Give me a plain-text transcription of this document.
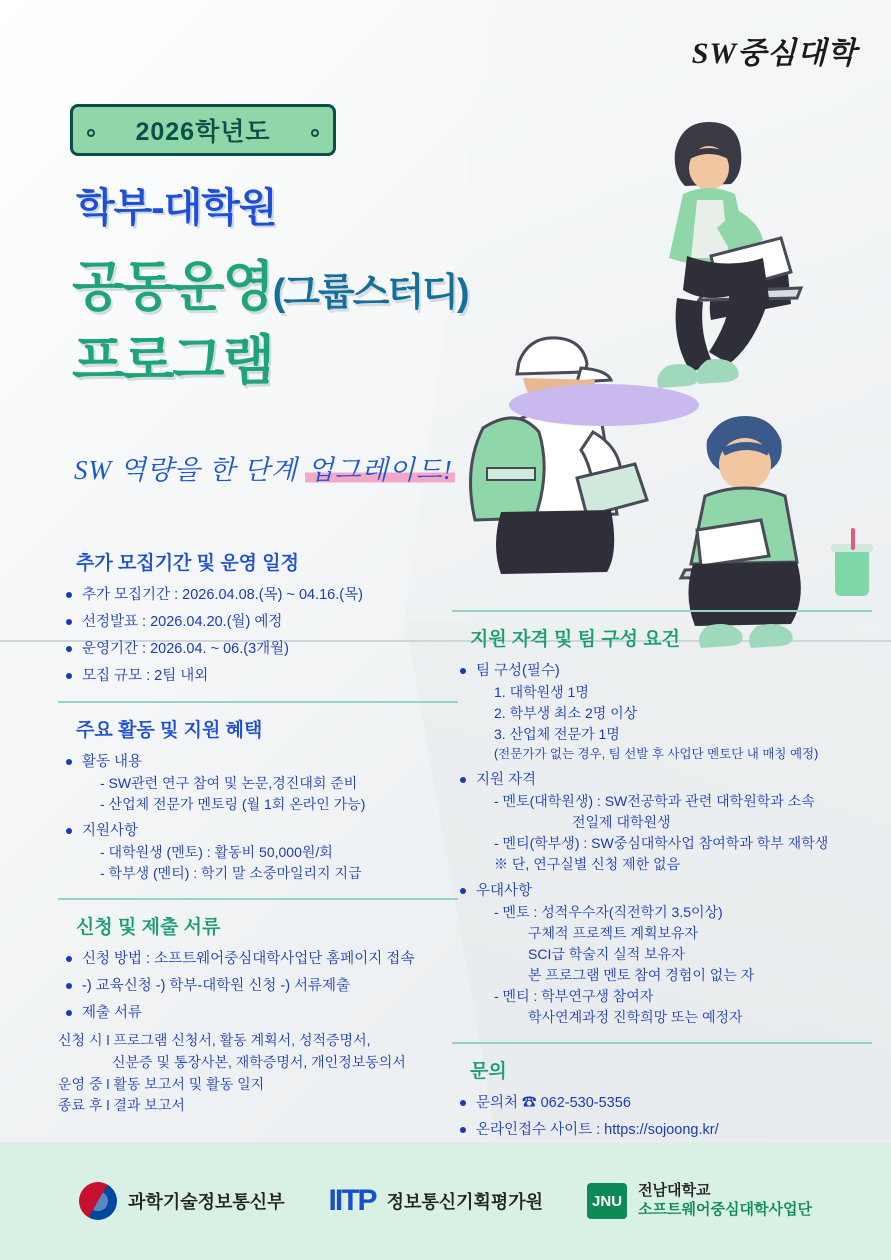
SW중심대학
2026학년도
학부-대학원
공동운영(그룹스터디)
프로그램
SW 역량을 한 단계 업그레이드!
추가 모집기간 및 운영 일정
추가 모집기간 : 2026.04.08.(목) ~ 04.16.(목)
선정발표 : 2026.04.20.(월) 예정
운영기간 : 2026.04. ~ 06.(3개월)
모집 규모 : 2팀 내외
주요 활동 및 지원 혜택
활동 내용
- SW관련 연구 참여 및 논문,경진대회 준비
- 산업체 전문가 멘토링 (월 1회 온라인 가능)
지원사항
- 대학원생 (멘토) : 활동비 50,000원/회
- 학부생 (멘티) : 학기 말 소중마일리지 지급
신청 및 제출 서류
신청 방법 : 소프트웨어중심대학사업단 홈페이지 접속
-) 교육신청 -) 학부-대학원 신청 -) 서류제출
제출 서류
신청 시 l 프로그램 신청서, 활동 계획서, 성적증명서,
신분증 및 통장사본, 재학증명서, 개인정보동의서
운영 중 l 활동 보고서 및 활동 일지
종료 후 l 결과 보고서
지원 자격 및 팀 구성 요건
팀 구성(필수)
1. 대학원생 1명
2. 학부생 최소 2명 이상
3. 산업체 전문가 1명
(전문가가 없는 경우, 팀 선발 후 사업단 멘토단 내 매칭 예정)
지원 자격
- 멘토(대학원생) : SW전공학과 관련 대학원학과 소속
전일제 대학원생
- 멘티(학부생) : SW중심대학사업 참여학과 학부 재학생
※ 단, 연구실별 신청 제한 없음
우대사항
- 멘토 : 성적우수자(직전학기 3.5이상)
구체적 프로젝트 계획보유자
SCI급 학술지 실적 보유자
본 프로그램 멘토 참여 경험이 없는 자
- 멘티 : 학부연구생 참여자
학사연계과정 진학희망 또는 예정자
문의
문의처 ☎ 062-530-5356
온라인접수 사이트 : https://sojoong.kr/
과학기술정보통신부 IITP 정보통신기획평가원	JNU
전남대학교
소프트웨어중심대학사업단
